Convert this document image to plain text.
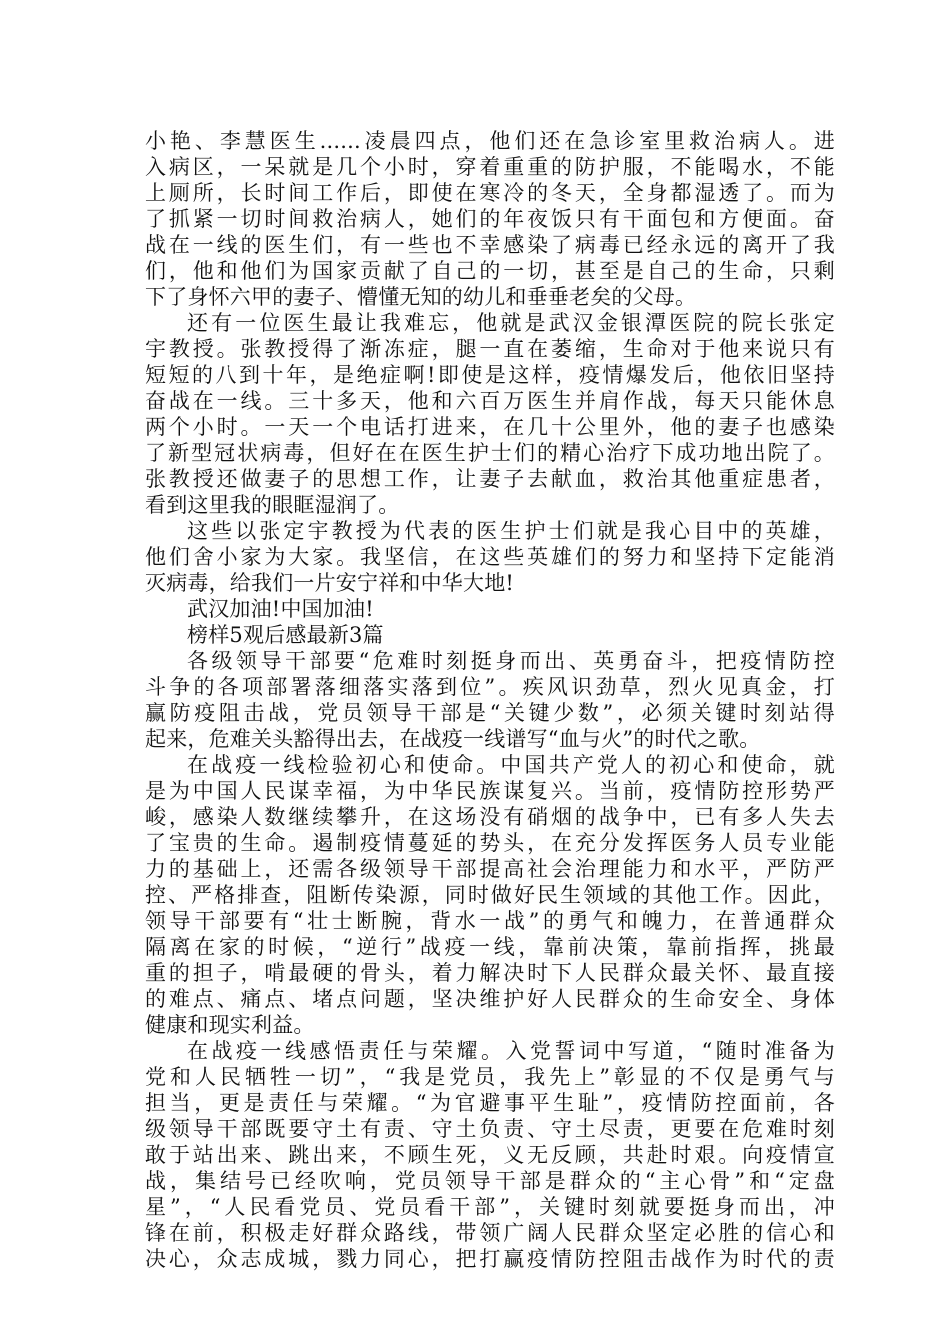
小艳、李慧医生......凌晨四点，他们还在急诊室里救治病人。进
入病区，一呆就是几个小时，穿着重重的防护服，不能喝水，不能
上厕所，长时间工作后，即使在寒冷的冬天，全身都湿透了。而为
了抓紧一切时间救治病人，她们的年夜饭只有干面包和方便面。奋
战在一线的医生们，有一些也不幸感染了病毒已经永远的离开了我
们，他和他们为国家贡献了自己的一切，甚至是自己的生命，只剩
下了身怀六甲的妻子、懵懂无知的幼儿和垂垂老矣的父母。
还有一位医生最让我难忘，他就是武汉金银潭医院的院长张定
宇教授。张教授得了渐冻症，腿一直在萎缩，生命对于他来说只有
短短的八到十年，是绝症啊!即使是这样，疫情爆发后，他依旧坚持
奋战在一线。三十多天，他和六百万医生并肩作战，每天只能休息
两个小时。一天一个电话打进来，在几十公里外，他的妻子也感染
了新型冠状病毒，但好在在医生护士们的精心治疗下成功地出院了。
张教授还做妻子的思想工作，让妻子去献血，救治其他重症患者，
看到这里我的眼眶湿润了。
这些以张定宇教授为代表的医生护士们就是我心目中的英雄，
他们舍小家为大家。我坚信，在这些英雄们的努力和坚持下定能消
灭病毒，给我们一片安宁祥和中华大地!
武汉加油!中国加油!
榜样5观后感最新3篇
各级领导干部要“危难时刻挺身而出、英勇奋斗，把疫情防控
斗争的各项部署落细落实落到位”。疾风识劲草，烈火见真金，打
赢防疫阻击战，党员领导干部是“关键少数”，必须关键时刻站得
起来，危难关头豁得出去，在战疫一线谱写“血与火”的时代之歌。
在战疫一线检验初心和使命。中国共产党人的初心和使命，就
是为中国人民谋幸福，为中华民族谋复兴。当前，疫情防控形势严
峻，感染人数继续攀升，在这场没有硝烟的战争中，已有多人失去
了宝贵的生命。遏制疫情蔓延的势头，在充分发挥医务人员专业能
力的基础上，还需各级领导干部提高社会治理能力和水平，严防严
控、严格排查，阻断传染源，同时做好民生领域的其他工作。因此，
领导干部要有“壮士断腕，背水一战”的勇气和魄力，在普通群众
隔离在家的时候，“逆行”战疫一线，靠前决策，靠前指挥，挑最
重的担子，啃最硬的骨头，着力解决时下人民群众最关怀、最直接
的难点、痛点、堵点问题，坚决维护好人民群众的生命安全、身体
健康和现实利益。
在战疫一线感悟责任与荣耀。入党誓词中写道，“随时准备为
党和人民牺牲一切”，“我是党员，我先上”彰显的不仅是勇气与
担当，更是责任与荣耀。“为官避事平生耻”，疫情防控面前，各
级领导干部既要守土有责、守土负责、守土尽责，更要在危难时刻
敢于站出来、跳出来，不顾生死，义无反顾，共赴时艰。向疫情宣
战，集结号已经吹响，党员领导干部是群众的“主心骨”和“定盘
星”，“人民看党员、党员看干部”，关键时刻就要挺身而出，冲
锋在前，积极走好群众路线，带领广阔人民群众坚定必胜的信心和
决心，众志成城，戮力同心，把打赢疫情防控阻击战作为时代的责
